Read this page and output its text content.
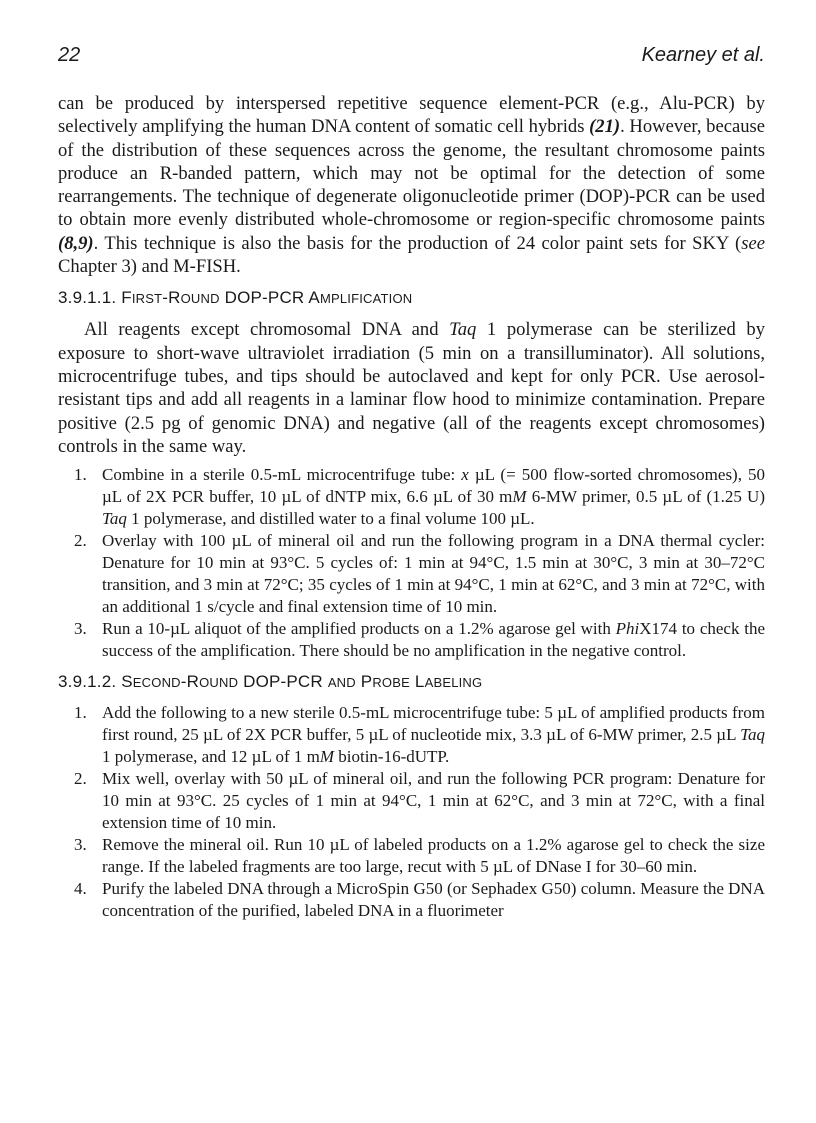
22	Kearney et al.

can be produced by interspersed repetitive sequence element-PCR (e.g., Alu-PCR) by selectively amplifying the human DNA content of somatic cell hybrids (21). However, because of the distribution of these sequences across the genome, the resultant chromosome paints produce an R-banded pattern, which may not be optimal for the detection of some rearrangements. The technique of degenerate oligonucleotide primer (DOP)-PCR can be used to obtain more evenly distributed whole-chromosome or region-specific chromosome paints (8,9). This technique is also the basis for the production of 24 color paint sets for SKY (see Chapter 3) and M-FISH.

3.9.1.1. FIRST-ROUND DOP-PCR AMPLIFICATION

All reagents except chromosomal DNA and Taq 1 polymerase can be sterilized by exposure to short-wave ultraviolet irradiation (5 min on a transilluminator). All solutions, microcentrifuge tubes, and tips should be autoclaved and kept for only PCR. Use aerosol-resistant tips and add all reagents in a laminar flow hood to minimize contamination. Prepare positive (2.5 pg of genomic DNA) and negative (all of the reagents except chromosomes) controls in the same way.

1. Combine in a sterile 0.5-mL microcentrifuge tube: x µL (= 500 flow-sorted chromosomes), 50 µL of 2X PCR buffer, 10 µL of dNTP mix, 6.6 µL of 30 mM 6-MW primer, 0.5 µL of (1.25 U) Taq 1 polymerase, and distilled water to a final volume 100 µL.
2. Overlay with 100 µL of mineral oil and run the following program in a DNA thermal cycler: Denature for 10 min at 93°C. 5 cycles of: 1 min at 94°C, 1.5 min at 30°C, 3 min at 30–72°C transition, and 3 min at 72°C; 35 cycles of 1 min at 94°C, 1 min at 62°C, and 3 min at 72°C, with an additional 1 s/cycle and final extension time of 10 min.
3. Run a 10-µL aliquot of the amplified products on a 1.2% agarose gel with PhiX174 to check the success of the amplification. There should be no amplification in the negative control.
3.9.1.2. SECOND-ROUND DOP-PCR AND PROBE LABELING
1. Add the following to a new sterile 0.5-mL microcentrifuge tube: 5 µL of amplified products from first round, 25 µL of 2X PCR buffer, 5 µL of nucleotide mix, 3.3 µL of 6-MW primer, 2.5 µL Taq 1 polymerase, and 12 µL of 1 mM biotin-16-dUTP.
2. Mix well, overlay with 50 µL of mineral oil, and run the following PCR program: Denature for 10 min at 93°C. 25 cycles of 1 min at 94°C, 1 min at 62°C, and 3 min at 72°C, with a final extension time of 10 min.
3. Remove the mineral oil. Run 10 µL of labeled products on a 1.2% agarose gel to check the size range. If the labeled fragments are too large, recut with 5 µL of DNase I for 30–60 min.
4. Purify the labeled DNA through a MicroSpin G50 (or Sephadex G50) column. Measure the DNA concentration of the purified, labeled DNA in a fluorimeter
